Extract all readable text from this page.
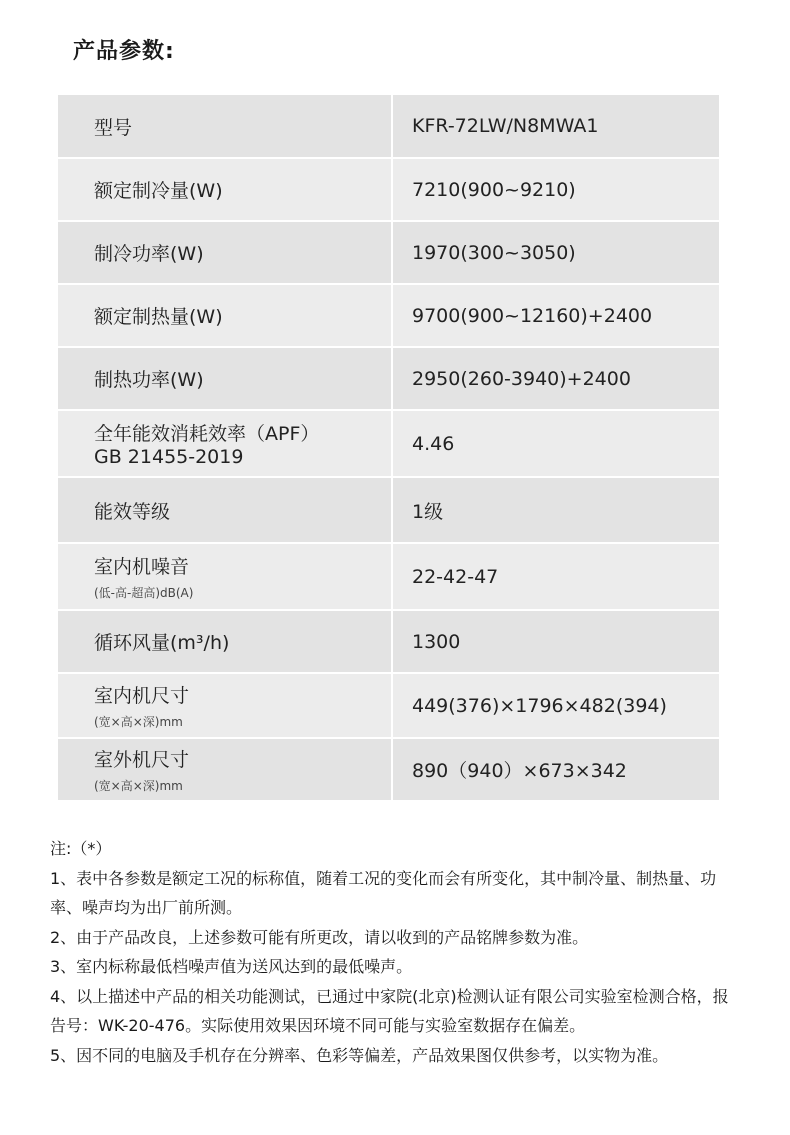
产品参数:
型号	KFR-72LW/N8MWA1
额定制冷量(W)	7210(900~9210)
制冷功率(W)	1970(300~3050)
额定制热量(W)	9700(900~12160)+2400
制热功率(W)	2950(260-3940)+2400

全年能效消耗效率（APF）
GB 21455-2019	4.46
能效等级	1级

室内机噪音
(低-高-超高)dB(A)	22-42-47
循环风量(m³/h)	1300

室内机尺寸
(宽×高×深)mm	449(376)×1796×482(394)

室外机尺寸
(宽×高×深)mm	890（940）×673×342

注:（*）

1、表中各参数是额定工况的标称值，随着工况的变化而会有所变化，其中制冷量、制热量、功率、噪声均为出厂前所测。

2、由于产品改良，上述参数可能有所更改，请以收到的产品铭牌参数为准。

3、室内标称最低档噪声值为送风达到的最低噪声。

4、以上描述中产品的相关功能测试，已通过中家院(北京)检测认证有限公司实验室检测合格，报告号：WK-20-476。实际使用效果因环境不同可能与实验室数据存在偏差。

5、因不同的电脑及手机存在分辨率、色彩等偏差，产品效果图仅供参考，以实物为准。
